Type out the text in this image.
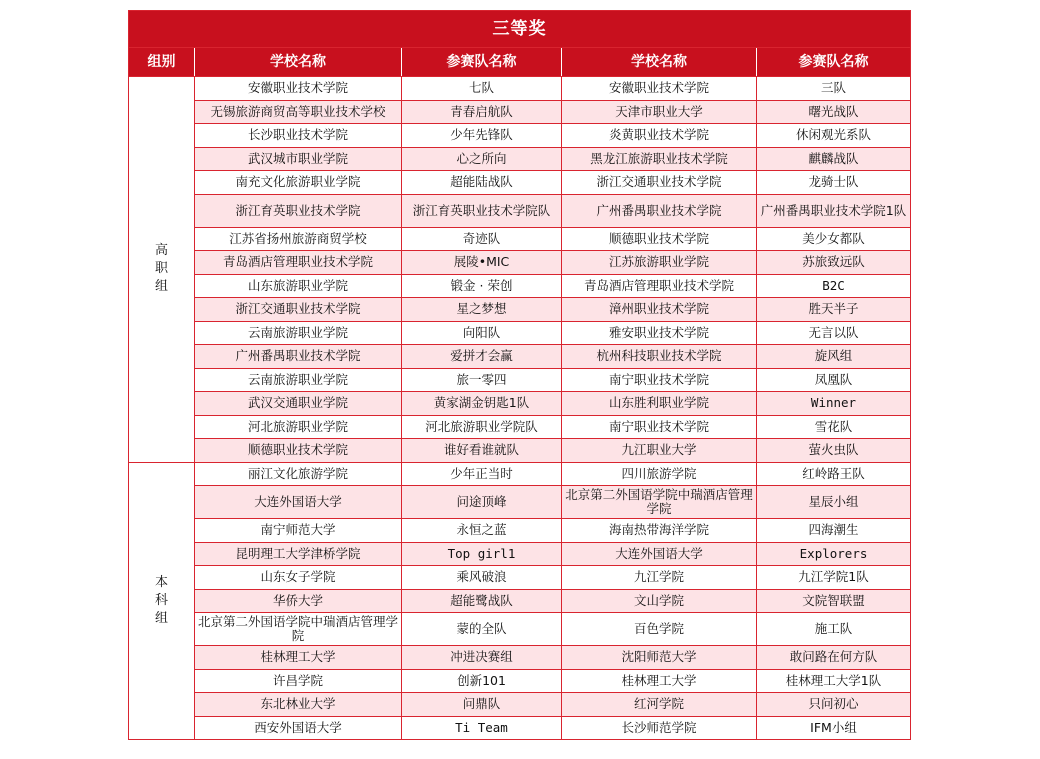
三等奖				
组别	学校名称	参赛队名称	学校名称	参赛队名称
高职组	安徽职业技术学院	七队	安徽职业技术学院	三队
	无锡旅游商贸高等职业技术学校	青春启航队	天津市职业大学	曙光战队
	长沙职业技术学院	少年先锋队	炎黄职业技术学院	休闲观光系队
	武汉城市职业学院	心之所向	黑龙江旅游职业技术学院	麒麟战队
	南充文化旅游职业学院	超能陆战队	浙江交通职业技术学院	龙骑士队
	浙江育英职业技术学院	浙江育英职业技术学院队	广州番禺职业技术学院	广州番禺职业技术学院1队
	江苏省扬州旅游商贸学校	奇迹队	顺德职业技术学院	美少女都队
	青岛酒店管理职业技术学院	展陵•MIC	江苏旅游职业学院	苏旅致远队
	山东旅游职业学院	锻金 · 荣创	青岛酒店管理职业技术学院	B2C
	浙江交通职业技术学院	星之梦想	漳州职业技术学院	胜天半子
	云南旅游职业学院	向阳队	雅安职业技术学院	无言以队
	广州番禺职业技术学院	爱拼才会赢	杭州科技职业技术学院	旋风组
	云南旅游职业学院	旅一零四	南宁职业技术学院	凤凰队
	武汉交通职业学院	黄家湖金钥匙1队	山东胜利职业学院	Winner
	河北旅游职业学院	河北旅游职业学院队	南宁职业技术学院	雪花队
	顺德职业技术学院	谁好看谁就队	九江职业大学	萤火虫队
本科组	丽江文化旅游学院	少年正当时	四川旅游学院	红岭路王队
	大连外国语大学	问途顶峰	北京第二外国语学院中瑞酒店管理学院	星辰小组
	南宁师范大学	永恒之蓝	海南热带海洋学院	四海潮生
	昆明理工大学津桥学院	Top girl1	大连外国语大学	Explorers
	山东女子学院	乘风破浪	九江学院	九江学院1队
	华侨大学	超能鹭战队	文山学院	文院智联盟
	北京第二外国语学院中瑞酒店管理学院	蒙的全队	百色学院	施工队
	桂林理工大学	冲进决赛组	沈阳师范大学	敢问路在何方队
	许昌学院	创新101	桂林理工大学	桂林理工大学1队
	东北林业大学	问鼎队	红河学院	只问初心
	西安外国语大学	Ti Team	长沙师范学院	IFM小组
